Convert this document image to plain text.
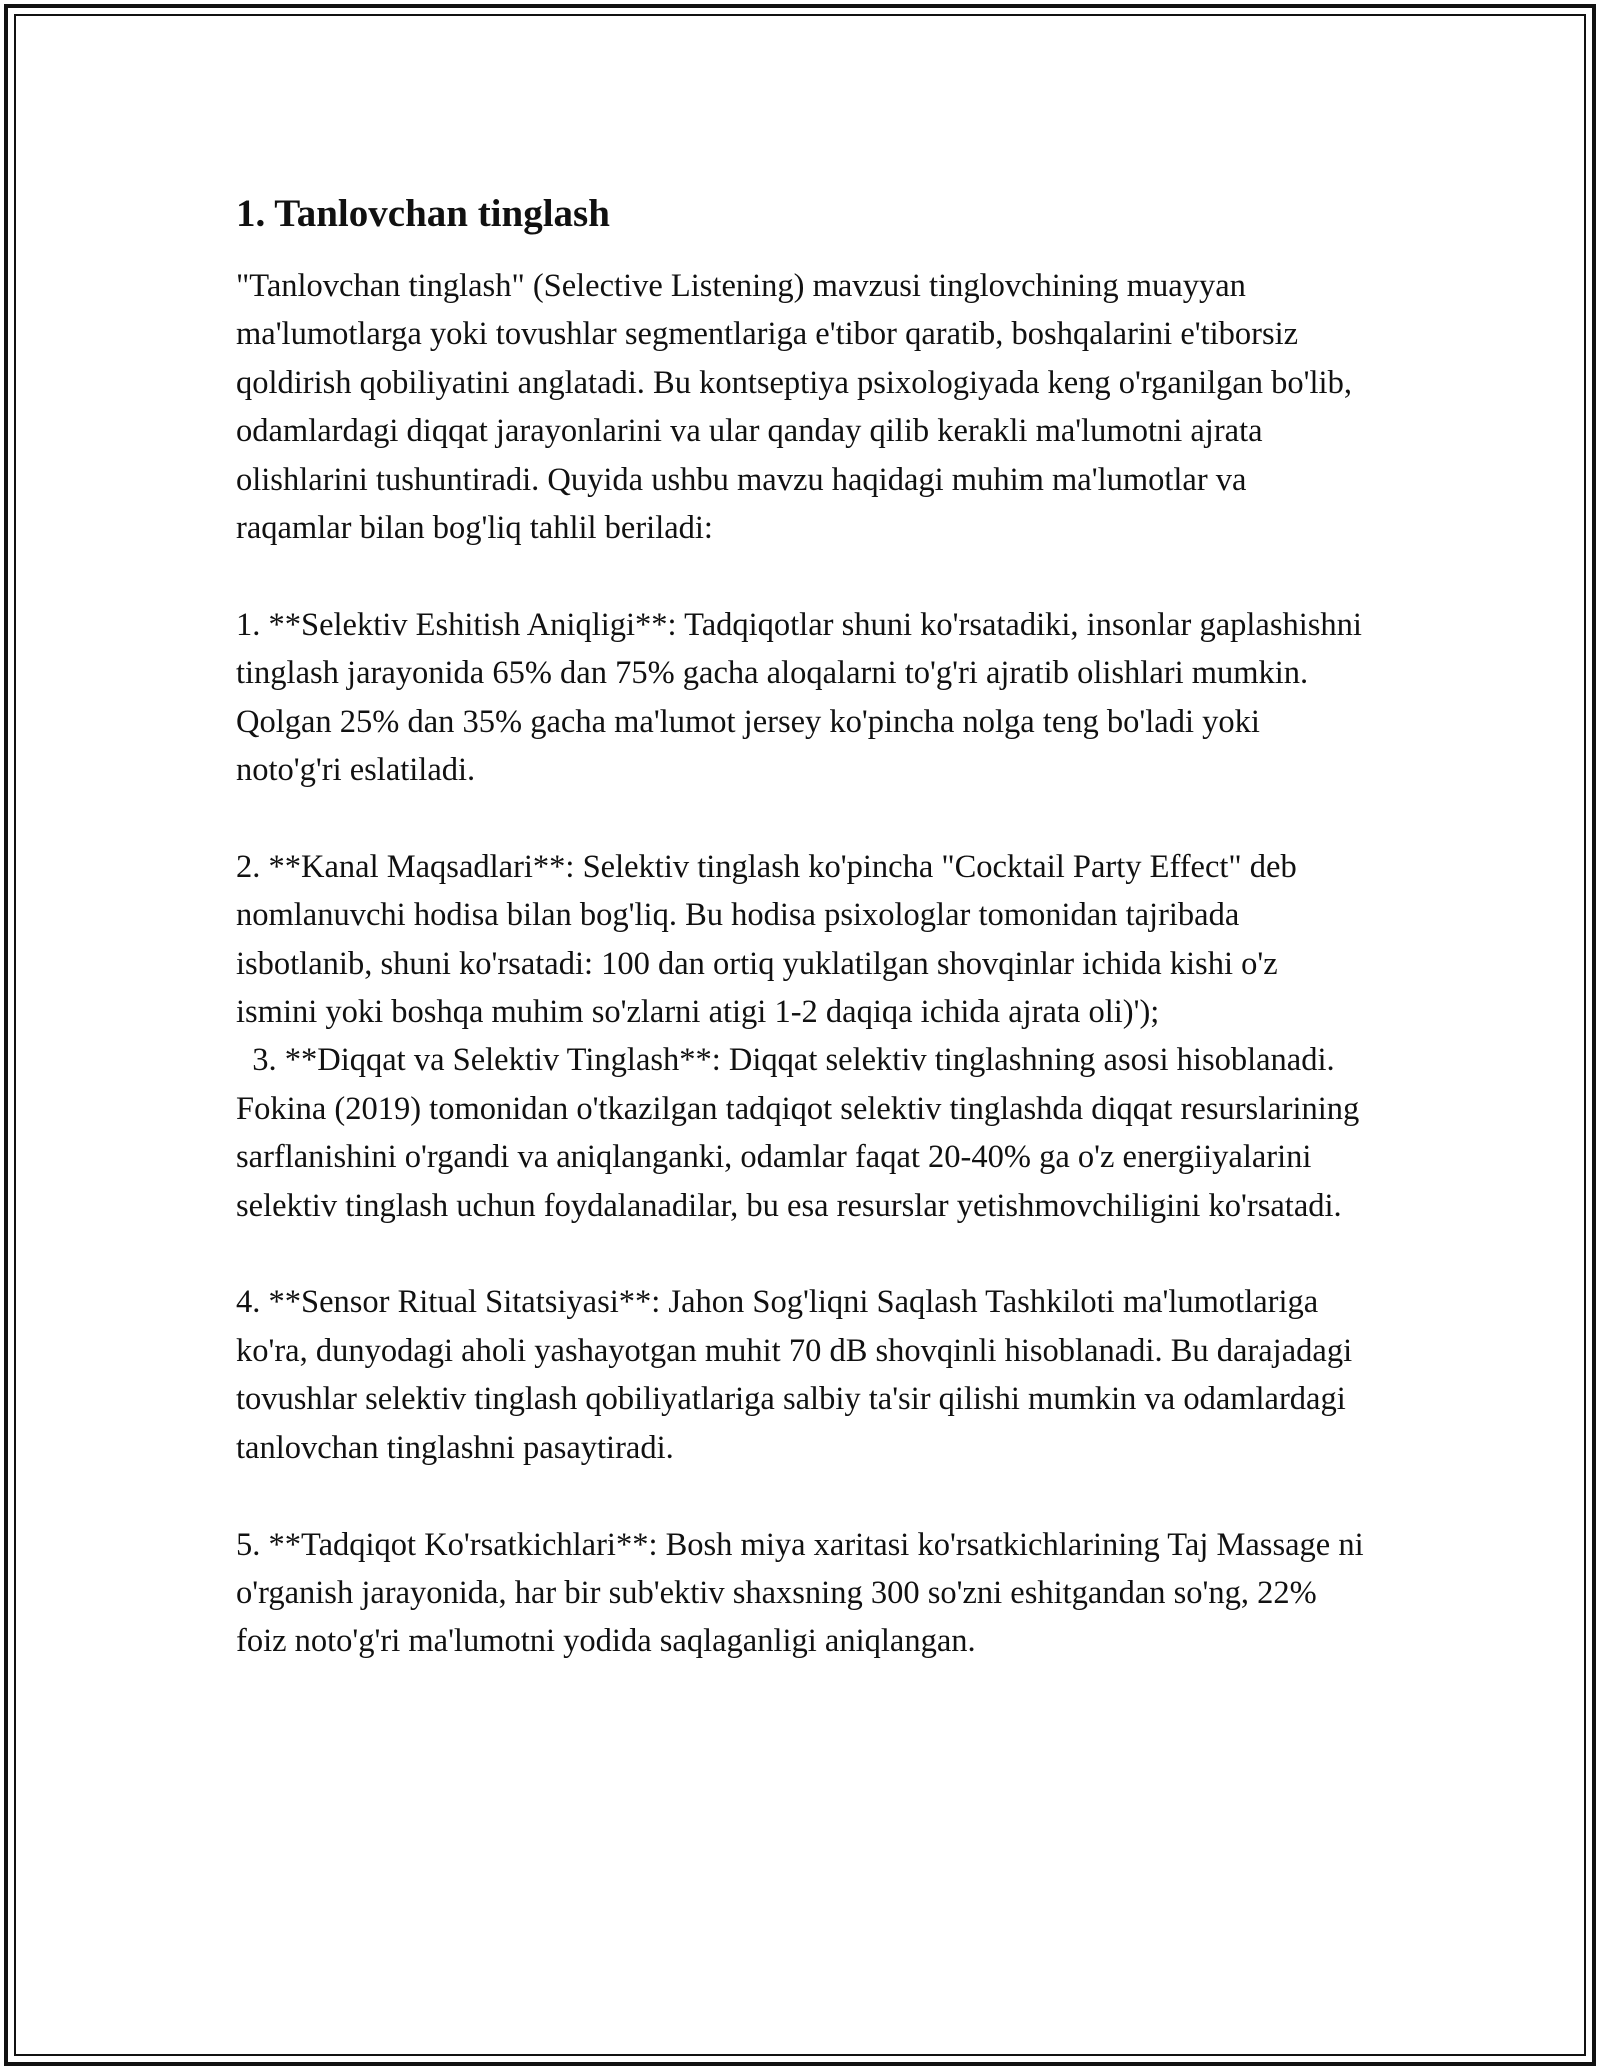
1. Tanlovchan tinglash

"Tanlovchan tinglash" (Selective Listening) mavzusi tinglovchining muayyan ma'lumotlarga yoki tovushlar segmentlariga e'tibor qaratib, boshqalarini e'tiborsiz qoldirish qobiliyatini anglatadi. Bu kontseptiya psixologiyada keng o'rganilgan bo'lib, odamlardagi diqqat jarayonlarini va ular qanday qilib kerakli ma'lumotni ajrata olishlarini tushuntiradi. Quyida ushbu mavzu haqidagi muhim ma'lumotlar va raqamlar bilan bog'liq tahlil beriladi:

1. **Selektiv Eshitish Aniqligi**: Tadqiqotlar shuni ko'rsatadiki, insonlar gaplashishni tinglash jarayonida 65% dan 75% gacha aloqalarni to'g'ri ajratib olishlari mumkin. Qolgan 25% dan 35% gacha ma'lumot jersey ko'pincha nolga teng bo'ladi yoki noto'g'ri eslatiladi.

2. **Kanal Maqsadlari**: Selektiv tinglash ko'pincha "Cocktail Party Effect" deb nomlanuvchi hodisa bilan bog'liq. Bu hodisa psixologlar tomonidan tajribada isbotlanib, shuni ko'rsatadi: 100 dan ortiq yuklatilgan shovqinlar ichida kishi o'z ismini yoki boshqa muhim so'zlarni atigi 1-2 daqiqa ichida ajrata oli)');

3. **Diqqat va Selektiv Tinglash**: Diqqat selektiv tinglashning asosi hisoblanadi. Fokina (2019) tomonidan o'tkazilgan tadqiqot selektiv tinglashda diqqat resurslarining sarflanishini o'rgandi va aniqlanganki, odamlar faqat 20-40% ga o'z energiiyalarini selektiv tinglash uchun foydalanadilar, bu esa resurslar yetishmovchiligini ko'rsatadi.

4. **Sensor Ritual Sitatsiyasi**: Jahon Sog'liqni Saqlash Tashkiloti ma'lumotlariga ko'ra, dunyodagi aholi yashayotgan muhit 70 dB shovqinli hisoblanadi. Bu darajadagi tovushlar selektiv tinglash qobiliyatlariga salbiy ta'sir qilishi mumkin va odamlardagi tanlovchan tinglashni pasaytiradi.

5. **Tadqiqot Ko'rsatkichlari**: Bosh miya xaritasi ko'rsatkichlarining Taj Massage ni o'rganish jarayonida, har bir sub'ektiv shaxsning 300 so'zni eshitgandan so'ng, 22% foiz noto'g'ri ma'lumotni yodida saqlaganligi aniqlangan.
